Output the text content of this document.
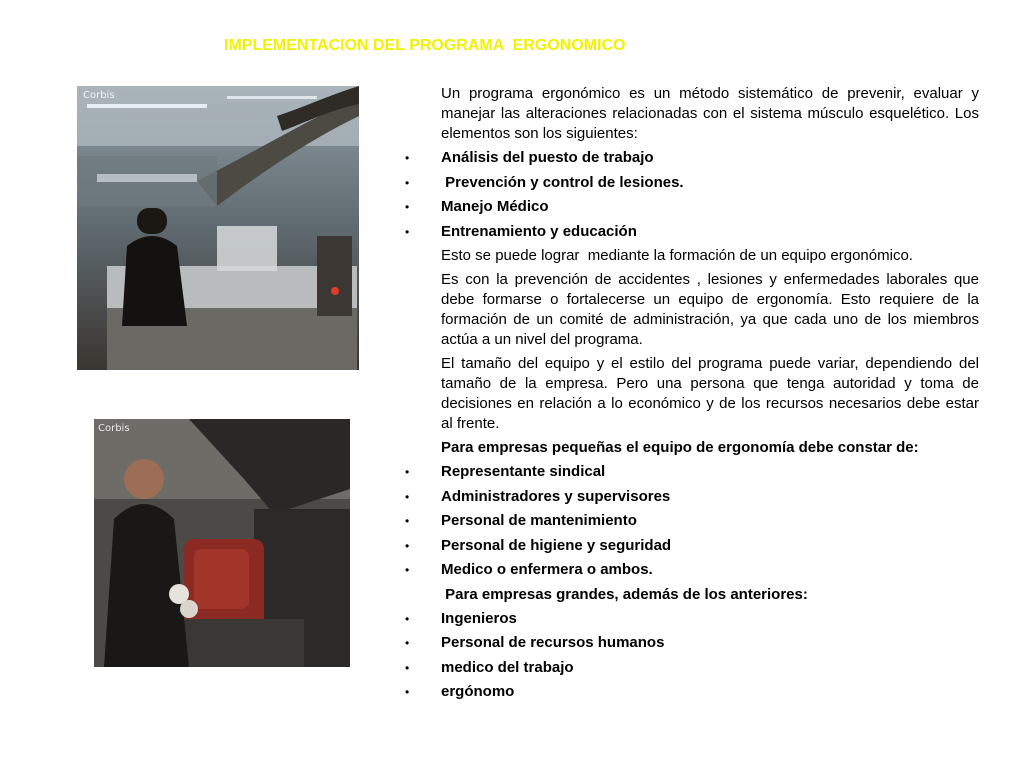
IMPLEMENTACION DEL PROGRAMA  ERGONOMICO
Corbis
Corbis

Un programa ergonómico es un método sistemático de prevenir, evaluar y manejar las alteraciones relacionadas con el sistema músculo esquelético. Los elementos son los siguientes:

•
Análisis del puesto de trabajo
•
Prevención y control de lesiones.
•
Manejo Médico
•
Entrenamiento y educación

Esto se puede lograr  mediante la formación de un equipo ergonómico.

Es con la prevención de accidentes , lesiones y enfermedades laborales que debe formarse o fortalecerse un equipo de ergonomía. Esto requiere de la formación de un comité de administración, ya que cada uno de los miembros actúa a un nivel del programa.

El tamaño del equipo y el estilo del programa puede variar, dependiendo del tamaño de la empresa. Pero una persona que tenga autoridad y toma de decisiones en relación a lo económico y de los recursos necesarios debe estar al frente.

Para empresas pequeñas el equipo de ergonomía debe constar de:

•
Representante sindical
•
Administradores y supervisores
•
Personal de mantenimiento
•
Personal de higiene y seguridad
•
Medico o enfermera o ambos.

Para empresas grandes, además de los anteriores:

•
Ingenieros
•
Personal de recursos humanos
•
medico del trabajo
•
ergónomo
